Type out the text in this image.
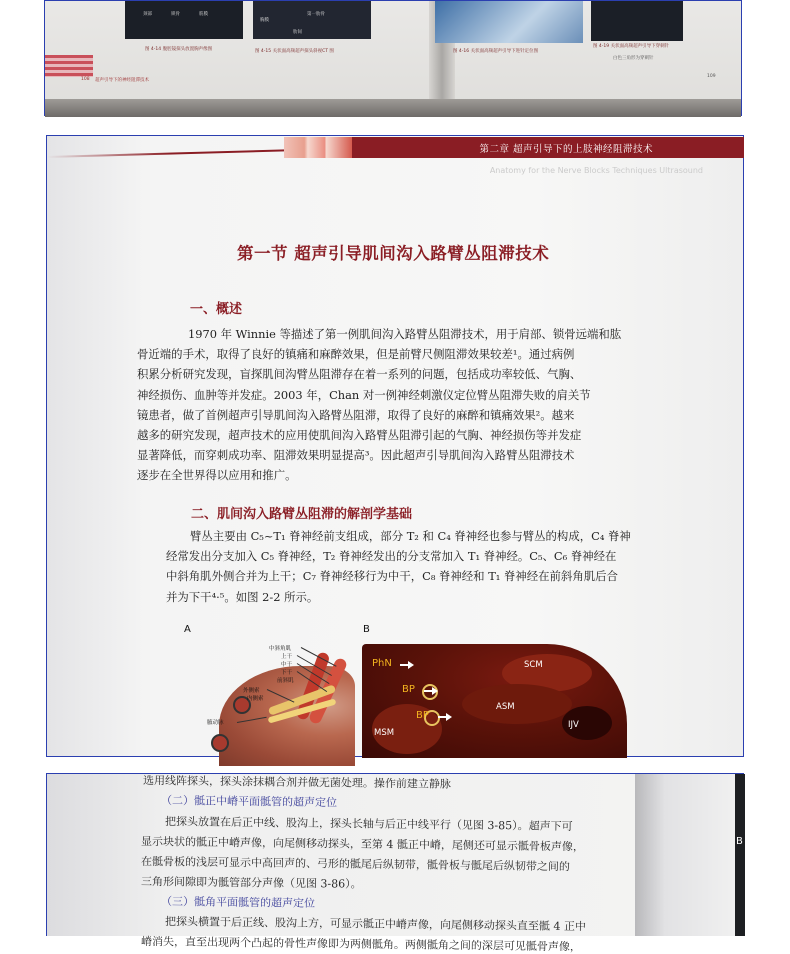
颈部	锁骨	筋膜
胸膜
第一肋骨
肋间
图 4-14 腹腔镜探头放置胸声像图	图 4-15 关状面高频超声探头斜视CT 图
超声引导下的神经阻滞技术
108
图 4-16 关状面高频超声引导下进针定位图
图 4-19 关状面高频超声引导下穿刺针
白色三角形为穿刺针
109
第二章 超声引导下的上肢神经阻滞技术
Anatomy for the Nerve Blocks Techniques Ultrasound
第一节 超声引导肌间沟入路臂丛阻滞技术
一、概述
1970 年 Winnie 等描述了第一例肌间沟入路臂丛阻滞技术，用于肩部、锁骨远端和肱
骨近端的手术，取得了良好的镇痛和麻醉效果，但是前臂尺侧阻滞效果较差¹。通过病例
积累分析研究发现，盲探肌间沟臂丛阻滞存在着一系列的问题，包括成功率较低、气胸、
神经损伤、血肿等并发症。2003 年，Chan 对一例神经刺激仪定位臂丛阻滞失败的肩关节
镜患者，做了首例超声引导肌间沟入路臂丛阻滞，取得了良好的麻醉和镇痛效果²。越来
越多的研究发现，超声技术的应用使肌间沟入路臂丛阻滞引起的气胸、神经损伤等并发症
显著降低，而穿刺成功率、阻滞效果明显提高³。因此超声引导肌间沟入路臂丛阻滞技术
逐步在全世界得以应用和推广。
二、肌间沟入路臂丛阻滞的解剖学基础
臂丛主要由 C₅~T₁ 脊神经前支组成，部分 T₂ 和 C₄ 脊神经也参与臂丛的构成，C₄ 脊神
经常发出分支加入 C₅ 脊神经，T₂ 脊神经发出的分支常加入 T₁ 脊神经。C₅、C₆ 脊神经在
中斜角肌外侧合并为上干；C₇ 脊神经移行为中干，C₈ 脊神经和 T₁ 脊神经在前斜角肌后合
并为下干⁴·⁵。如图 2-2 所示。
A
中斜角肌
上干
中干
下干
前斜肌
外侧索
内侧索
腋动脉
B
PhN
BP
BP
SCM
ASM
MSM
IJV
B
选用线阵探头，探头涂抹耦合剂并做无菌处理。操作前建立静脉
（二）骶正中嵴平面骶管的超声定位
把探头放置在后正中线、股沟上，探头长轴与后正中线平行（见图 3-85）。超声下可
显示块状的骶正中嵴声像，向尾侧移动探头，至第 4 骶正中嵴，尾侧还可显示骶骨板声像，
在骶骨板的浅层可显示中高回声的、弓形的骶尾后纵韧带，骶骨板与骶尾后纵韧带之间的
三角形间隙即为骶管部分声像（见图 3-86）。
（三）骶角平面骶管的超声定位
把探头横置于后正线、股沟上方，可显示骶正中嵴声像，向尾侧移动探头直至骶 4 正中
嵴消失，直至出现两个凸起的骨性声像即为两侧骶角。两侧骶角之间的深层可见骶骨声像，
